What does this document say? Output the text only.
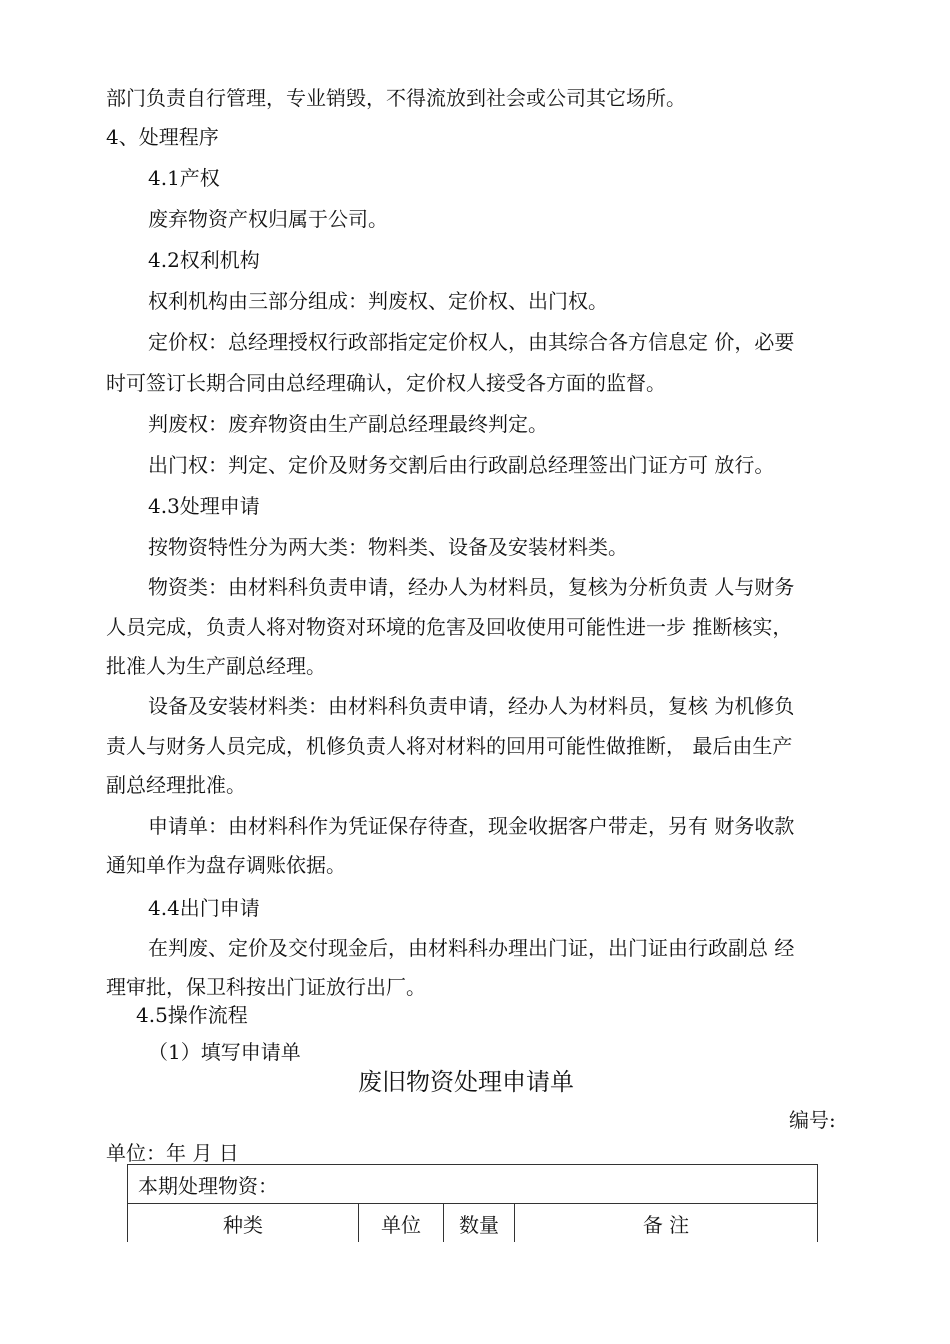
部门负责自行管理，专业销毁，不得流放到社会或公司其它场所。
4、处理程序
4.1产权
废弃物资产权归属于公司。
4.2权利机构
权利机构由三部分组成：判废权、定价权、出门权。
定价权：总经理授权行政部指定定价权人，由其综合各方信息定 价，必要
时可签订长期合同由总经理确认，定价权人接受各方面的监督。
判废权：废弃物资由生产副总经理最终判定。
出门权：判定、定价及财务交割后由行政副总经理签出门证方可 放行。
4.3处理申请
按物资特性分为两大类：物料类、设备及安装材料类。
物资类：由材料科负责申请，经办人为材料员，复核为分析负责 人与财务
人员完成，负责人将对物资对环境的危害及回收使用可能性进一步 推断核实，
批准人为生产副总经理。
设备及安装材料类：由材料科负责申请，经办人为材料员，复核 为机修负
责人与财务人员完成，机修负责人将对材料的回用可能性做推断， 最后由生产
副总经理批准。
申请单：由材料科作为凭证保存待查，现金收据客户带走，另有 财务收款
通知单作为盘存调账依据。
4.4出门申请
在判废、定价及交付现金后，由材料科办理出门证，出门证由行政副总 经
理审批，保卫科按出门证放行出厂。
4.5操作流程
（1）填写申请单
废旧物资处理申请单
编号:
单位：年 月 日
本期处理物资：
种类	单位	数量	备 注
